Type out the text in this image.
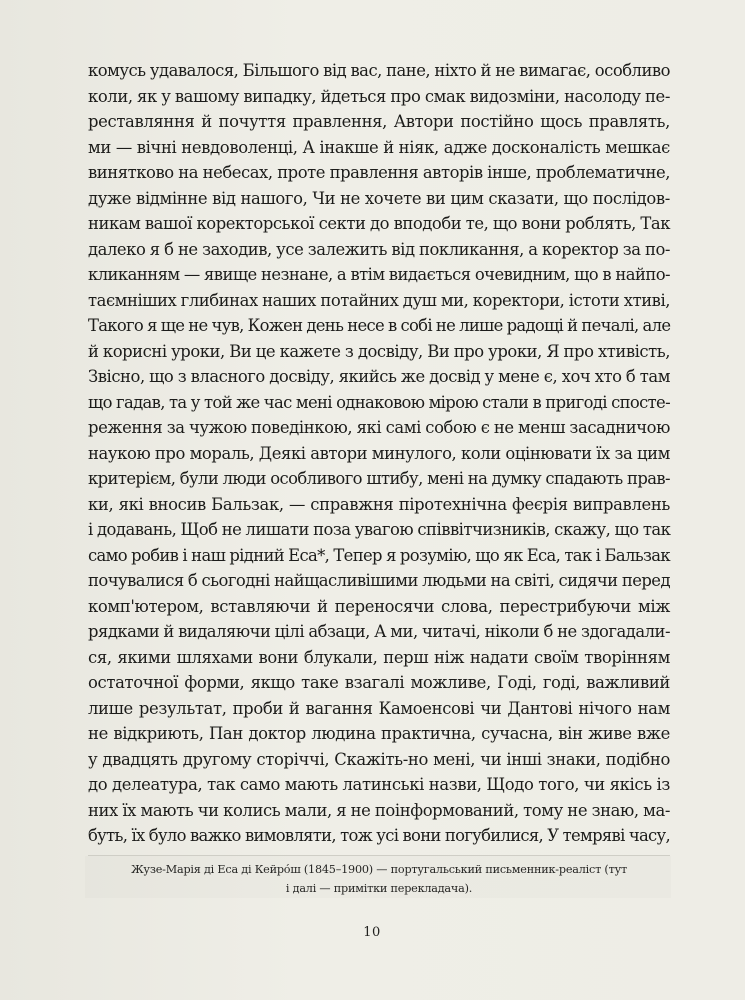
комусь удавалося, Більшого від вас, пане, ніхто й не вимагає, особливо
коли, як у вашому випадку, йдеться про смак видозміни, насолоду пе-
реставляння й почуття правлення, Автори постійно щось правлять,
ми — вічні невдоволенці, А інакше й ніяк, адже досконалість мешкає
винятково на небесах, проте правлення авторів інше, проблематичне,
дуже відмінне від нашого, Чи не хочете ви цим сказати, що послідов-
никам вашої коректорської секти до вподоби те, що вони роблять, Так
далеко я б не заходив, усе залежить від покликання, а коректор за по-
кликанням — явище незнане, а втім видається очевидним, що в найпо-
таємніших глибинах наших потайних душ ми, коректори, істоти хтиві,
Такого я ще не чув, Кожен день несе в собі не лише радощі й печалі, але
й корисні уроки, Ви це кажете з досвіду, Ви про уроки, Я про хтивість,
Звісно, що з власного досвіду, якийсь же досвід у мене є, хоч хто б там
що гадав, та у той же час мені однаковою мірою стали в пригоді спосте-
реження за чужою поведінкою, які самі собою є не менш засадничою
наукою про мораль, Деякі автори минулого, коли оцінювати їх за цим
критерієм, були люди особливого штибу, мені на думку спадають прав-
ки, які вносив Бальзак, — справжня піротехнічна феєрія виправлень
і додавань, Щоб не лишати поза увагою співвітчизників, скажу, що так
само робив і наш рідний Еса*, Тепер я розумію, що як Еса, так і Бальзак
почувалися б сьогодні найщасливішими людьми на світі, сидячи перед
комп'ютером, вставляючи й переносячи слова, перестрибуючи між
рядками й видаляючи цілі абзаци, А ми, читачі, ніколи б не здогадали-
ся, якими шляхами вони блукали, перш ніж надати своїм творінням
остаточної форми, якщо таке взагалі можливе, Годі, годі, важливий
лише результат, проби й вагання Камоенсові чи Дантові нічого нам
не відкриють, Пан доктор людина практична, сучасна, він живе вже
у двадцять другому сторіччі, Скажіть-но мені, чи інші знаки, подібно
до делеатура, так само мають латинські назви, Щодо того, чи якісь із
них їх мають чи колись мали, я не поінформований, тому не знаю, ма-
буть, їх було важко вимовляти, тож усі вони погубилися, У темряві часу,
Жузе-Марія ді Еса ді Кейро́ш (1845–1900) — португальський письменник-реаліст (тут
і далі — примітки перекладача).
10
